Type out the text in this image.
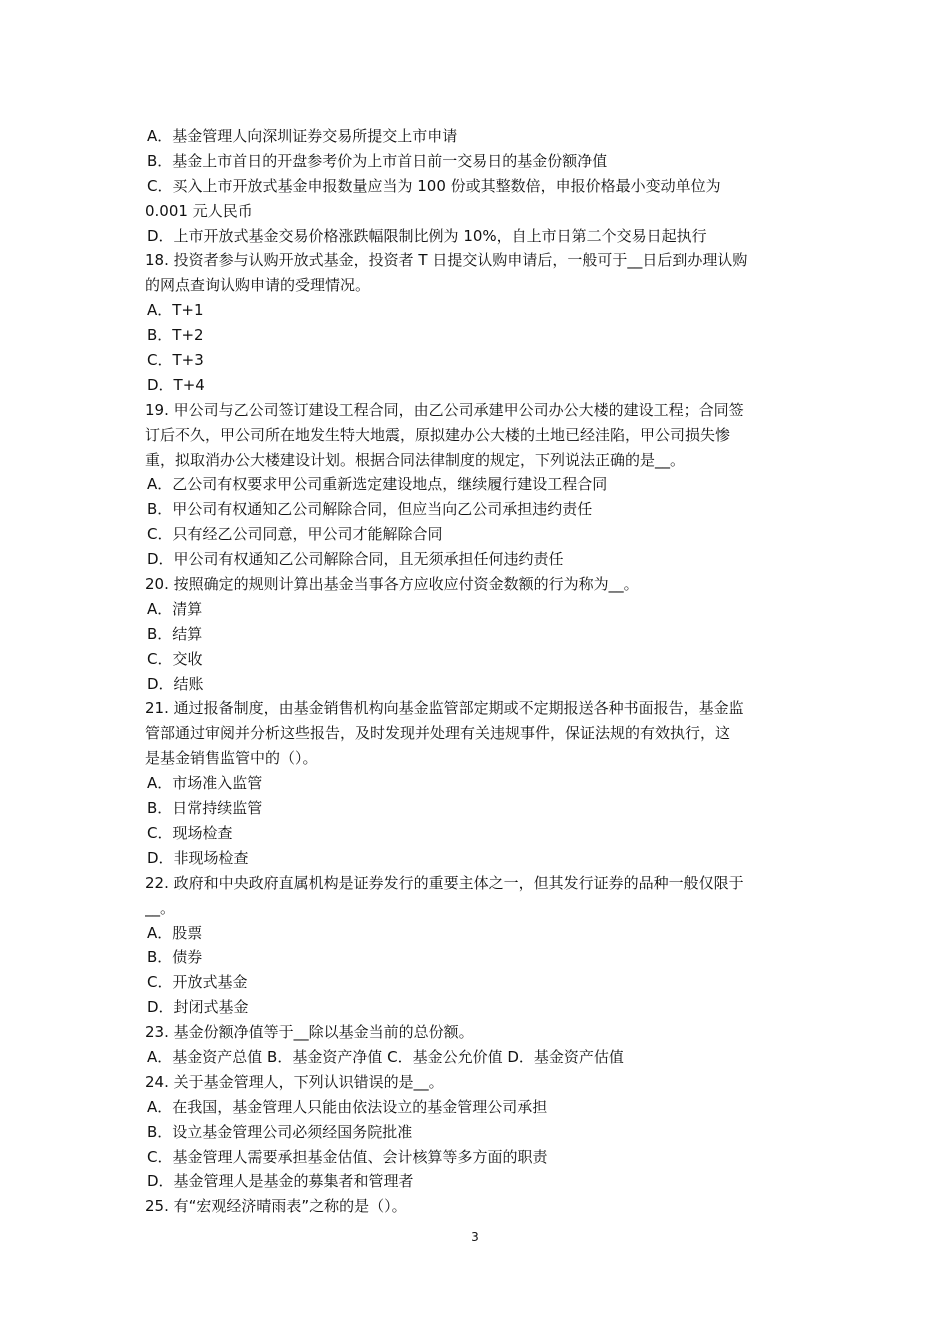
A．基金管理人向深圳证券交易所提交上市申请
B．基金上市首日的开盘参考价为上市首日前一交易日的基金份额净值
C．买入上市开放式基金申报数量应当为 100 份或其整数倍，申报价格最小变动单位为
0.001 元人民币
D．上市开放式基金交易价格涨跌幅限制比例为 10%，自上市日第二个交易日起执行
18. 投资者参与认购开放式基金，投资者 T 日提交认购申请后，一般可于__日后到办理认购
的网点查询认购申请的受理情况。
A．T+1
B．T+2
C．T+3
D．T+4
19. 甲公司与乙公司签订建设工程合同，由乙公司承建甲公司办公大楼的建设工程；合同签
订后不久，甲公司所在地发生特大地震，原拟建办公大楼的土地已经洼陷，甲公司损失惨
重，拟取消办公大楼建设计划。根据合同法律制度的规定，下列说法正确的是__。
A．乙公司有权要求甲公司重新选定建设地点，继续履行建设工程合同
B．甲公司有权通知乙公司解除合同，但应当向乙公司承担违约责任
C．只有经乙公司同意，甲公司才能解除合同
D．甲公司有权通知乙公司解除合同，且无须承担任何违约责任
20. 按照确定的规则计算出基金当事各方应收应付资金数额的行为称为__。
A．清算
B．结算
C．交收
D．结账
21. 通过报备制度，由基金销售机构向基金监管部定期或不定期报送各种书面报告，基金监
管部通过审阅并分析这些报告，及时发现并处理有关违规事件，保证法规的有效执行，这
是基金销售监管中的（）。
A．市场准入监管
B．日常持续监管
C．现场检查
D．非现场检查
22. 政府和中央政府直属机构是证券发行的重要主体之一，但其发行证券的品种一般仅限于
__。
A．股票
B．债券
C．开放式基金
D．封闭式基金
23. 基金份额净值等于__除以基金当前的总份额。
A．基金资产总值 B．基金资产净值 C．基金公允价值 D．基金资产估值
24. 关于基金管理人，下列认识错误的是__。
A．在我国，基金管理人只能由依法设立的基金管理公司承担
B．设立基金管理公司必须经国务院批准
C．基金管理人需要承担基金估值、会计核算等多方面的职责
D．基金管理人是基金的募集者和管理者
25. 有“宏观经济晴雨表”之称的是（）。
3
